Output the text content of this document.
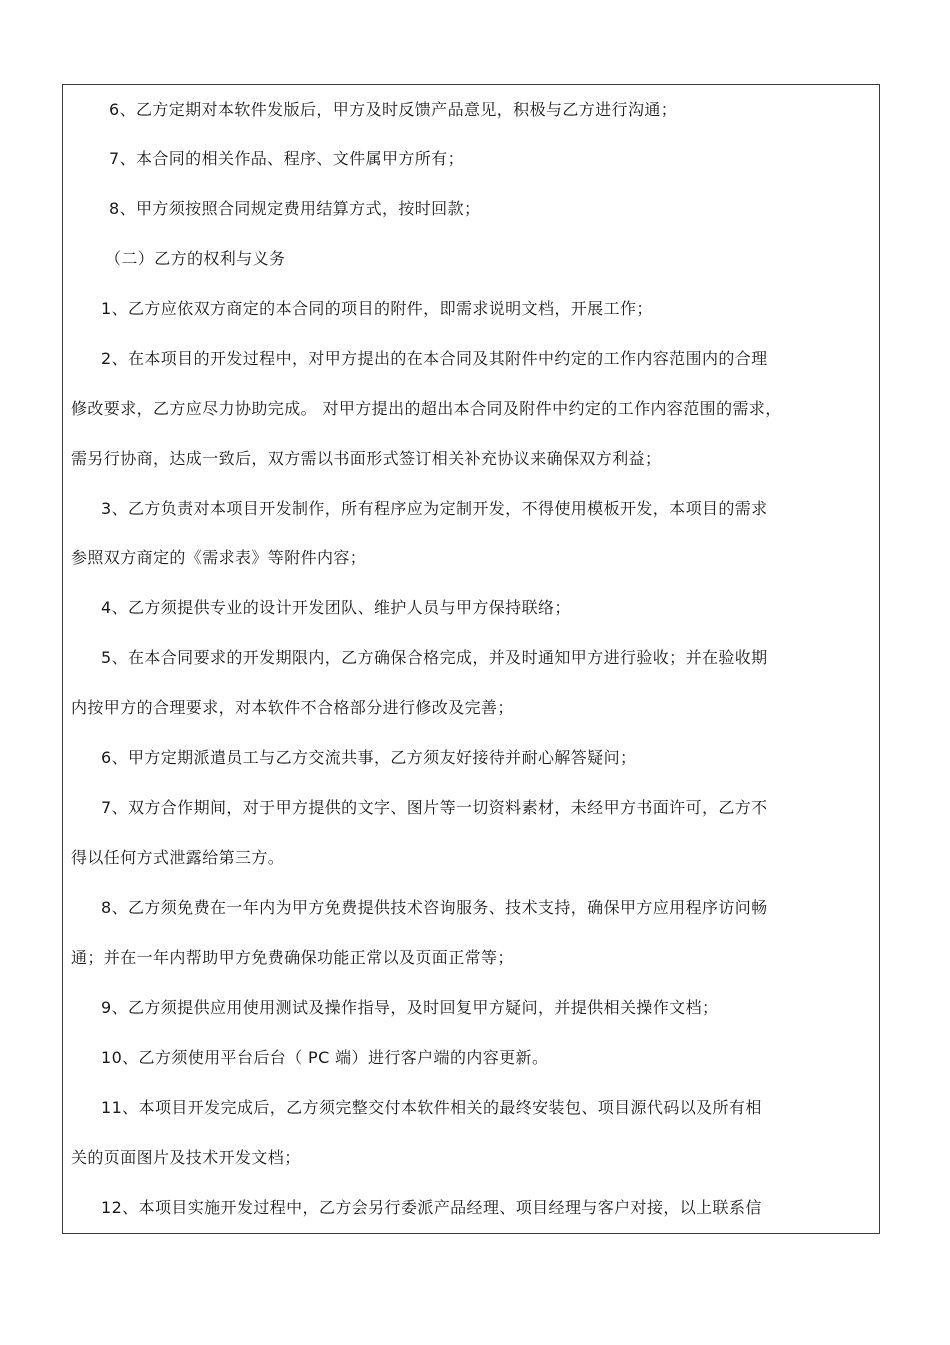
6、乙方定期对本软件发版后，甲方及时反馈产品意见，积极与乙方进行沟通；
7、本合同的相关作品、程序、文件属甲方所有；
8、甲方须按照合同规定费用结算方式，按时回款；
（二）乙方的权利与义务
1、乙方应依双方商定的本合同的项目的附件，即需求说明文档，开展工作；
2、在本项目的开发过程中，对甲方提出的在本合同及其附件中约定的工作内容范围内的合理
修改要求，乙方应尽力协助完成。 对甲方提出的超出本合同及附件中约定的工作内容范围的需求，
需另行协商，达成一致后，双方需以书面形式签订相关补充协议来确保双方利益；
3、乙方负责对本项目开发制作，所有程序应为定制开发，不得使用模板开发，本项目的需求
参照双方商定的《需求表》等附件内容；
4、乙方须提供专业的设计开发团队、维护人员与甲方保持联络；
5、在本合同要求的开发期限内，乙方确保合格完成，并及时通知甲方进行验收；并在验收期
内按甲方的合理要求，对本软件不合格部分进行修改及完善；
6、甲方定期派遣员工与乙方交流共事，乙方须友好接待并耐心解答疑问；
7、双方合作期间，对于甲方提供的文字、图片等一切资料素材，未经甲方书面许可，乙方不
得以任何方式泄露给第三方。
8、乙方须免费在一年内为甲方免费提供技术咨询服务、技术支持，确保甲方应用程序访问畅
通；并在一年内帮助甲方免费确保功能正常以及页面正常等；
9、乙方须提供应用使用测试及操作指导，及时回复甲方疑问，并提供相关操作文档；
10、乙方须使用平台后台（ PC 端）进行客户端的内容更新。
11、本项目开发完成后，乙方须完整交付本软件相关的最终安装包、项目源代码以及所有相
关的页面图片及技术开发文档；
12、本项目实施开发过程中，乙方会另行委派产品经理、项目经理与客户对接，以上联系信
